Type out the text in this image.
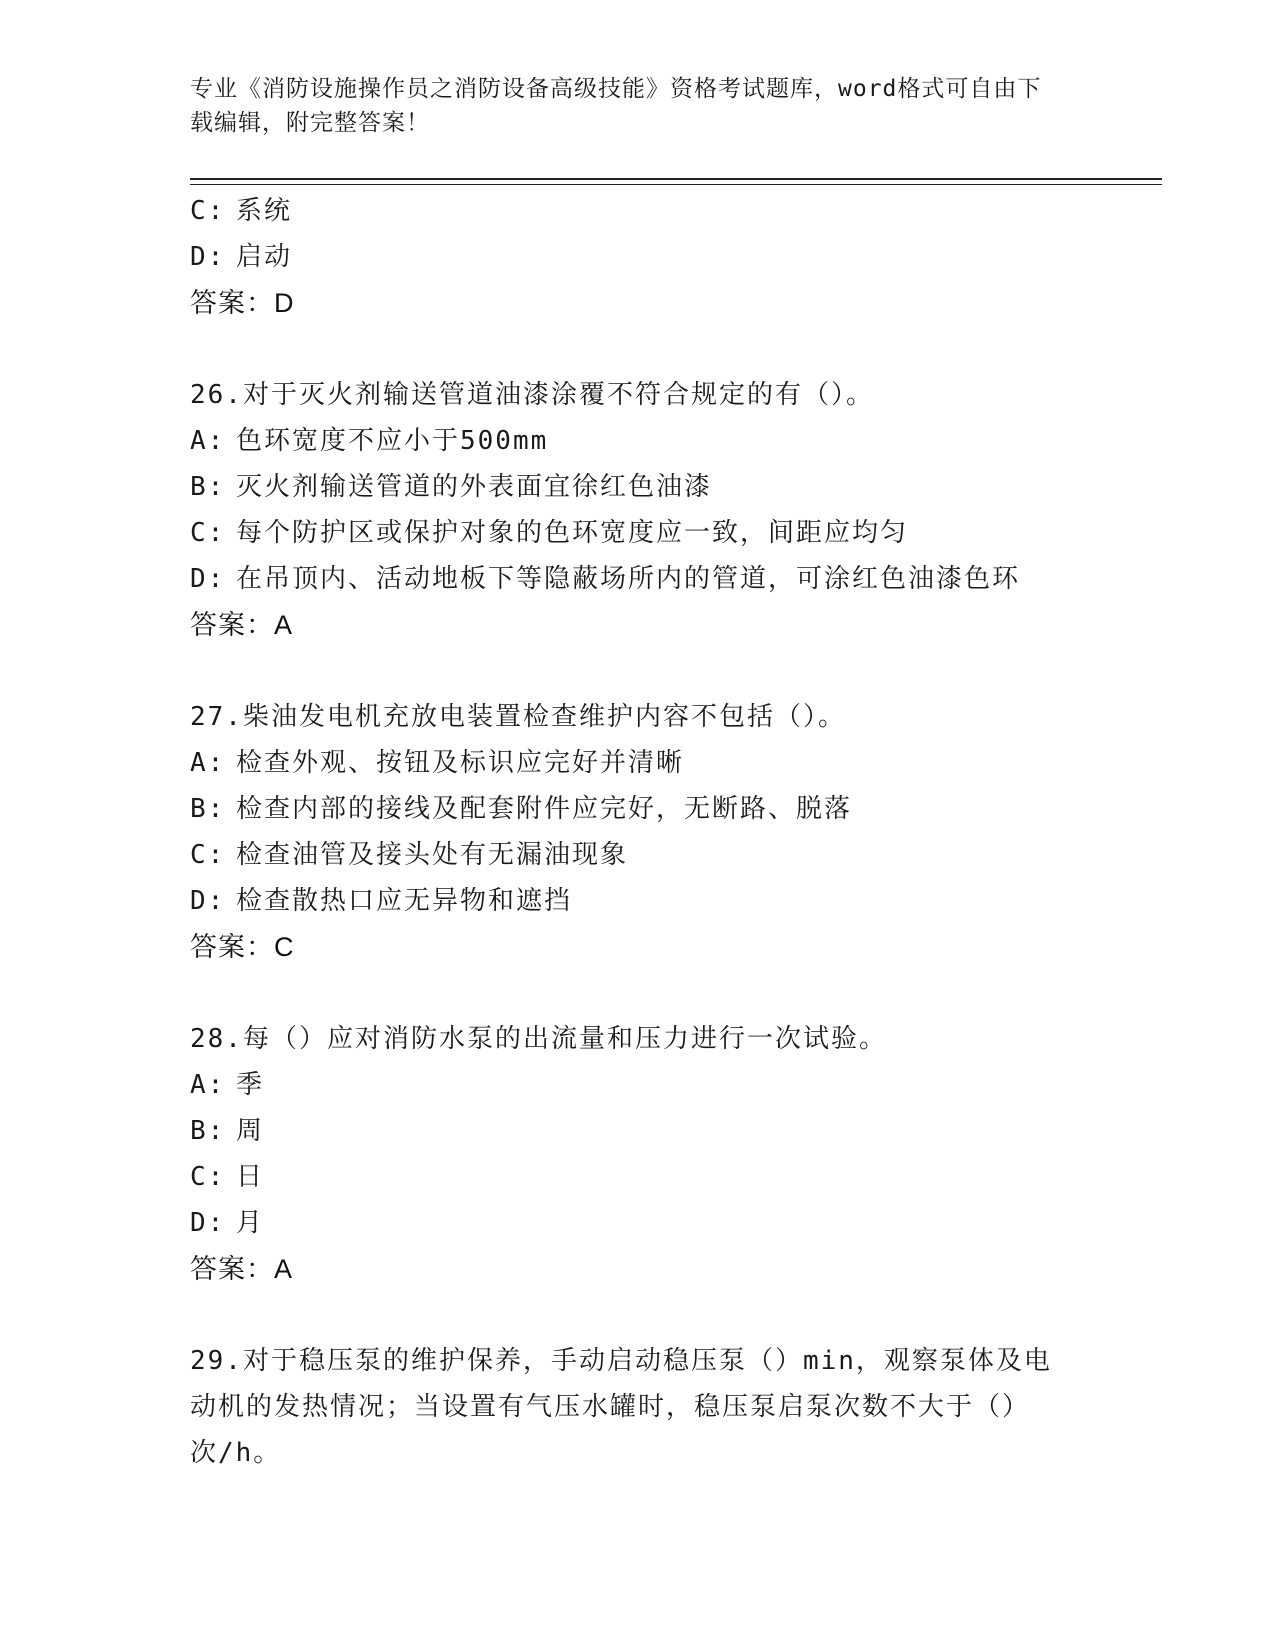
专业《消防设施操作员之消防设备高级技能》资格考试题库，word格式可自由下
载编辑，附完整答案！
C: 系统
D: 启动
答案：D
26.对于灭火剂输送管道油漆涂覆不符合规定的有（）。
A: 色环宽度不应小于500mm
B: 灭火剂输送管道的外表面宜徐红色油漆
C: 每个防护区或保护对象的色环宽度应一致，间距应均匀
D: 在吊顶内、活动地板下等隐蔽场所内的管道，可涂红色油漆色环
答案：A
27.柴油发电机充放电装置检查维护内容不包括（）。
A: 检查外观、按钮及标识应完好并清晰
B: 检查内部的接线及配套附件应完好，无断路、脱落
C: 检查油管及接头处有无漏油现象
D: 检查散热口应无异物和遮挡
答案：C
28.每（）应对消防水泵的出流量和压力进行一次试验。
A: 季
B: 周
C: 日
D: 月
答案：A
29.对于稳压泵的维护保养，手动启动稳压泵（）min，观察泵体及电
动机的发热情况；当设置有气压水罐时，稳压泵启泵次数不大于（）
次/h。
